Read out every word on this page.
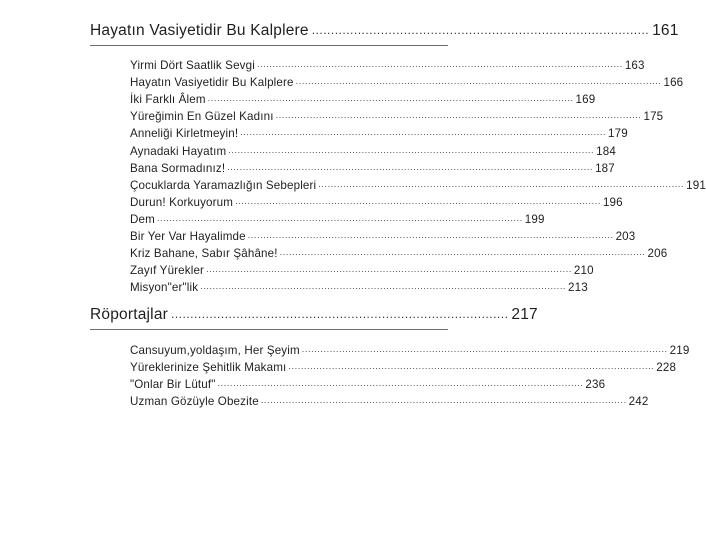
Hayatın Vasiyetidir Bu Kalplere ........................................................................................ 161
Yirmi Dört Saatlik Sevgi ...................................................................................................................... 163
Hayatın Vasiyetidir Bu Kalplere ...................................................................................................................... 166
İki Farklı Âlem ...................................................................................................................... 169
Yüreğimin En Güzel Kadını ...................................................................................................................... 175
Anneliği Kirletmeyin! ...................................................................................................................... 179
Aynadaki Hayatım ...................................................................................................................... 184
Bana Sormadınız! ...................................................................................................................... 187
Çocuklarda Yaramazlığın Sebepleri ...................................................................................................................... 191
Durun! Korkuyorum ...................................................................................................................... 196
Dem ...................................................................................................................... 199
Bir Yer Var Hayalimde ...................................................................................................................... 203
Kriz Bahane, Sabır Şâhâne! ...................................................................................................................... 206
Zayıf Yürekler ...................................................................................................................... 210
Misyon"er"lik ...................................................................................................................... 213
Röportajlar ........................................................................................ 217
Cansuyum,yoldaşım, Her Şeyim ...................................................................................................................... 219
Yüreklerinize Şehitlik Makamı ...................................................................................................................... 228
"Onlar Bir Lütuf" ...................................................................................................................... 236
Uzman Gözüyle Obezite ...................................................................................................................... 242
